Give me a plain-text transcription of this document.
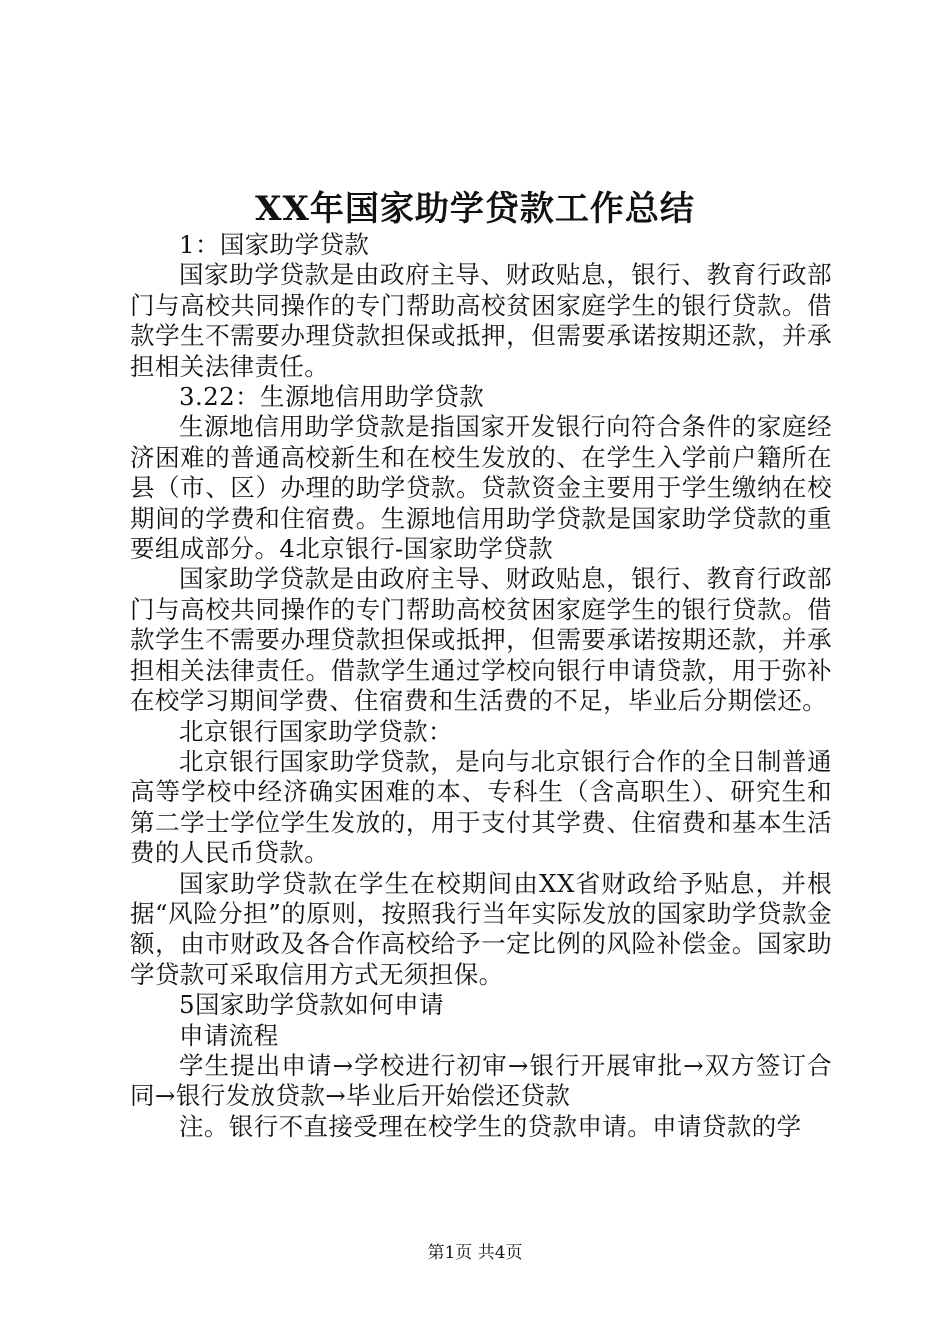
XX年国家助学贷款工作总结

1：国家助学贷款

国家助学贷款是由政府主导、财政贴息，银行、教育行政部门与高校共同操作的专门帮助高校贫困家庭学生的银行贷款。借款学生不需要办理贷款担保或抵押，但需要承诺按期还款，并承担相关法律责任。

3.22：生源地信用助学贷款

生源地信用助学贷款是指国家开发银行向符合条件的家庭经济困难的普通高校新生和在校生发放的、在学生入学前户籍所在县（市、区）办理的助学贷款。贷款资金主要用于学生缴纳在校期间的学费和住宿费。生源地信用助学贷款是国家助学贷款的重要组成部分。4北京银行-国家助学贷款

国家助学贷款是由政府主导、财政贴息，银行、教育行政部门与高校共同操作的专门帮助高校贫困家庭学生的银行贷款。借款学生不需要办理贷款担保或抵押，但需要承诺按期还款，并承担相关法律责任。借款学生通过学校向银行申请贷款，用于弥补在校学习期间学费、住宿费和生活费的不足，毕业后分期偿还。

北京银行国家助学贷款：

北京银行国家助学贷款，是向与北京银行合作的全日制普通高等学校中经济确实困难的本、专科生（含高职生）、研究生和第二学士学位学生发放的，用于支付其学费、住宿费和基本生活费的人民币贷款。

国家助学贷款在学生在校期间由XX省财政给予贴息，并根据“风险分担”的原则，按照我行当年实际发放的国家助学贷款金额，由市财政及各合作高校给予一定比例的风险补偿金。国家助学贷款可采取信用方式无须担保。

5国家助学贷款如何申请

申请流程

学生提出申请→学校进行初审→银行开展审批→双方签订合同→银行发放贷款→毕业后开始偿还贷款

注。银行不直接受理在校学生的贷款申请。申请贷款的学

第1页 共4页
